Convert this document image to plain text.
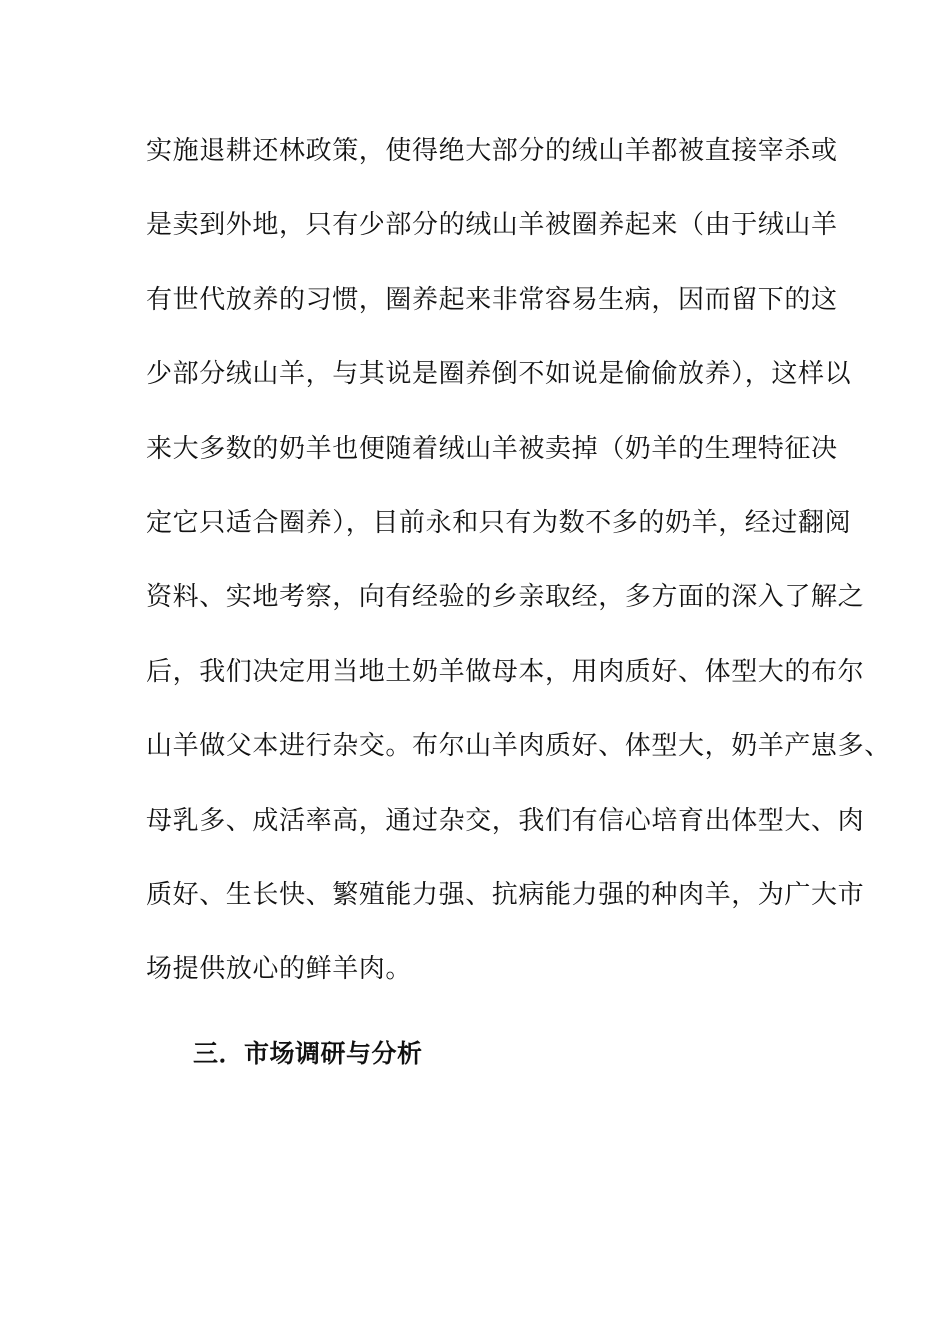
实施退耕还林政策，使得绝大部分的绒山羊都被直接宰杀或
是卖到外地，只有少部分的绒山羊被圈养起来（由于绒山羊
有世代放养的习惯，圈养起来非常容易生病，因而留下的这
少部分绒山羊，与其说是圈养倒不如说是偷偷放养），这样以
来大多数的奶羊也便随着绒山羊被卖掉（奶羊的生理特征决
定它只适合圈养），目前永和只有为数不多的奶羊，经过翻阅
资料、实地考察，向有经验的乡亲取经，多方面的深入了解之
后，我们决定用当地土奶羊做母本，用肉质好、体型大的布尔
山羊做父本进行杂交。布尔山羊肉质好、体型大，奶羊产崽多、
母乳多、成活率高，通过杂交，我们有信心培育出体型大、肉
质好、生长快、繁殖能力强、抗病能力强的种肉羊，为广大市
场提供放心的鲜羊肉。
三．市场调研与分析
